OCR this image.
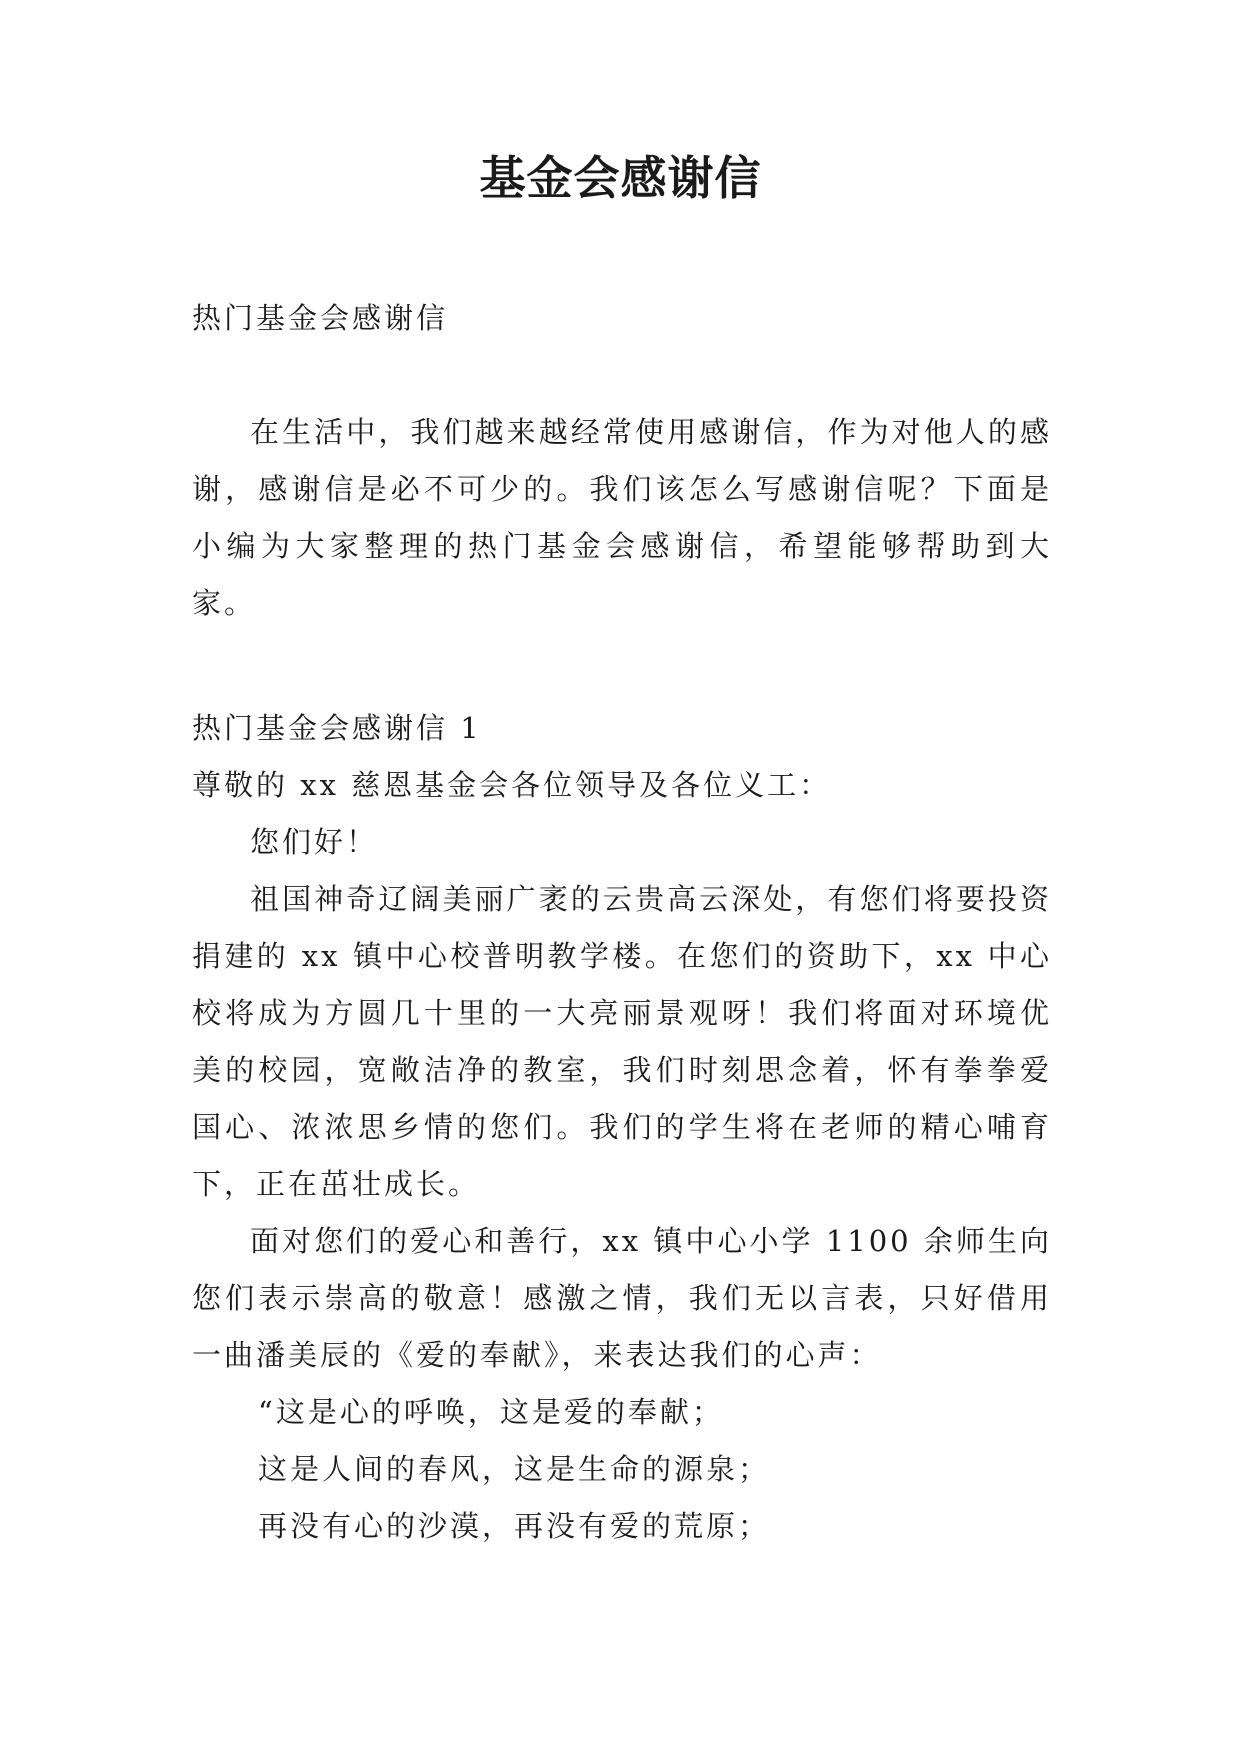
基金会感谢信
热门基金会感谢信

在生活中，我们越来越经常使用感谢信，作为对他人的感谢，感谢信是必不可少的。我们该怎么写感谢信呢？下面是小编为大家整理的热门基金会感谢信，希望能够帮助到大家。

热门基金会感谢信 1

尊敬的 xx 慈恩基金会各位领导及各位义工：

您们好！

祖国神奇辽阔美丽广袤的云贵高云深处，有您们将要投资捐建的 xx 镇中心校普明教学楼。在您们的资助下，xx 中心校将成为方圆几十里的一大亮丽景观呀！我们将面对环境优美的校园，宽敞洁净的教室，我们时刻思念着，怀有拳拳爱国心、浓浓思乡情的您们。我们的学生将在老师的精心哺育下，正在茁壮成长。

面对您们的爱心和善行，xx 镇中心小学 1100 余师生向您们表示崇高的敬意！感激之情，我们无以言表，只好借用一曲潘美辰的《爱的奉献》，来表达我们的心声：

“这是心的呼唤，这是爱的奉献；

这是人间的春风，这是生命的源泉；

再没有心的沙漠，再没有爱的荒原；
